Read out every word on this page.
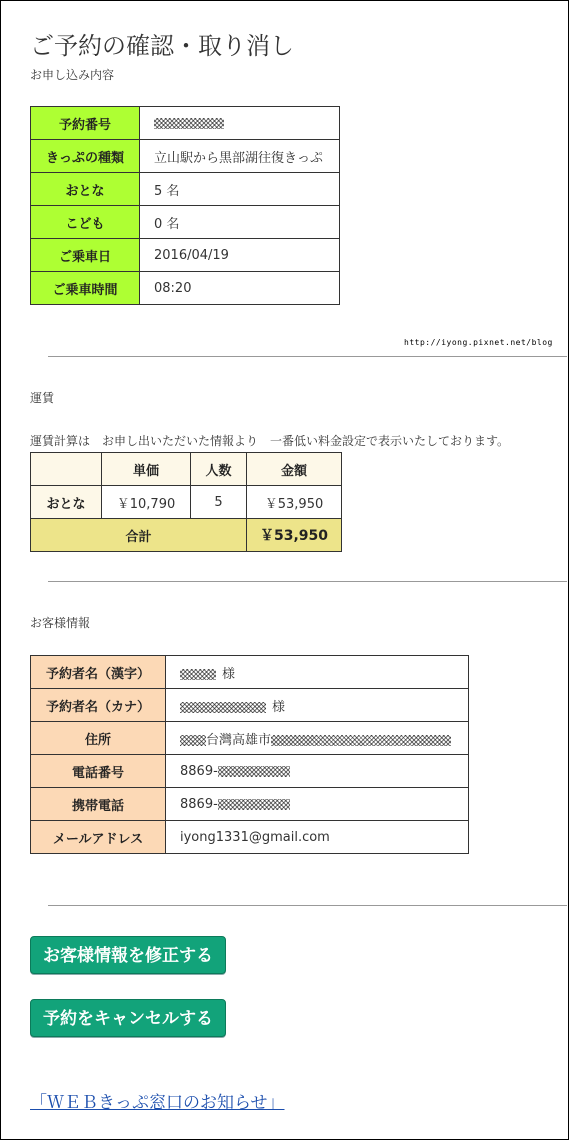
ご予約の確認・取り消し
お申し込み内容
予約番号	
きっぷの種類	立山駅から黒部湖往復きっぷ
おとな	5 名
こども	0 名
ご乗車日	2016/04/19
ご乗車時間	08:20
http://iyong.pixnet.net/blog
運賃
運賃計算は　お申し出いただいた情報より　一番低い料金設定で表示いたしております。
	単価	人数	金額
おとな	￥10,790	5	￥53,950
合計			￥53,950
お客様情報
予約者名（漢字）	様
予約者名（カナ）	様
住所	台灣高雄市
電話番号	8869-
携帯電話	8869-
メールアドレス	iyong1331@gmail.com
お客様情報を修正する
予約をキャンセルする
「ＷＥＢきっぷ窓口のお知らせ」
